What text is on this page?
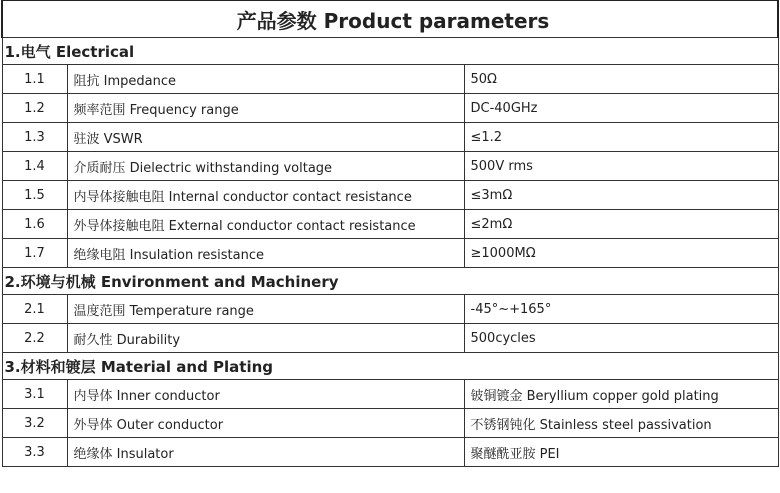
产品参数 Product parameters		
1.电气 Electrical		
1.1	阻抗 Impedance	50Ω
1.2	频率范围 Frequency range	DC-40GHz
1.3	驻波 VSWR	≤1.2
1.4	介质耐压 Dielectric withstanding voltage	500V rms
1.5	内导体接触电阻 Internal conductor contact resistance	≤3mΩ
1.6	外导体接触电阻 External conductor contact resistance	≤2mΩ
1.7	绝缘电阻 Insulation resistance	≥1000MΩ
2.环境与机械 Environment and Machinery		
2.1	温度范围 Temperature range	-45°~+165°
2.2	耐久性 Durability	500cycles
3.材料和镀层 Material and Plating		
3.1	内导体 Inner conductor	铍铜镀金 Beryllium copper gold plating
3.2	外导体 Outer conductor	不锈钢钝化 Stainless steel passivation
3.3	绝缘体 Insulator	聚醚酰亚胺 PEI
